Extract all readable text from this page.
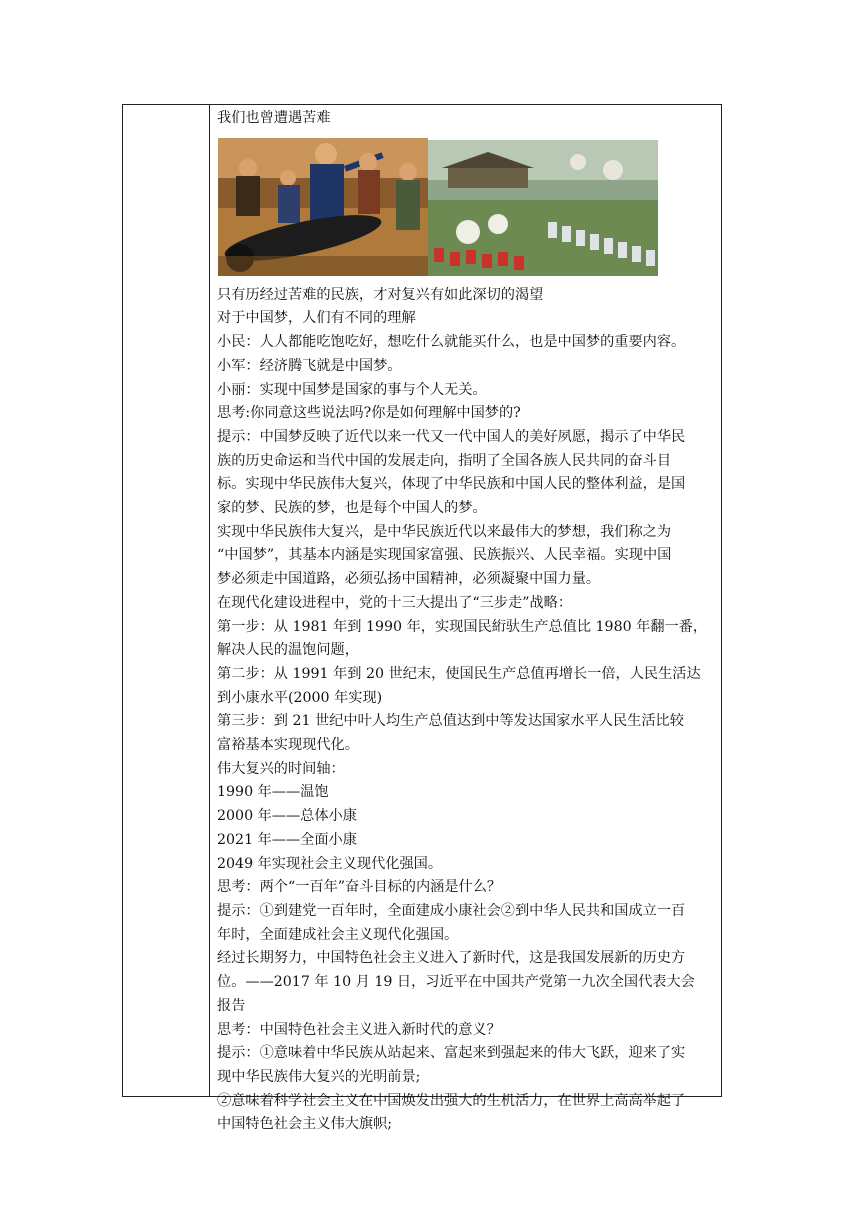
我们也曾遭遇苦难
只有历经过苦难的民族，才对复兴有如此深切的渴望
对于中国梦，人们有不同的理解
小民：人人都能吃饱吃好，想吃什么就能买什么，也是中国梦的重要内容。
小军：经济腾飞就是中国梦。
小丽：实现中国梦是国家的事与个人无关。
思考:你同意这些说法吗?你是如何理解中国梦的?
提示：中国梦反映了近代以来一代又一代中国人的美好夙愿，揭示了中华民
族的历史命运和当代中国的发展走向，指明了全国各族人民共同的奋斗目
标。实现中华民族伟大复兴，体现了中华民族和中国人民的整体利益，是国
家的梦、民族的梦，也是每个中国人的梦。
实现中华民族伟大复兴，是中华民族近代以来最伟大的梦想，我们称之为
“中国梦”，其基本内涵是实现国家富强、民族振兴、人民幸福。实现中国
梦必须走中国道路，必须弘扬中国精神，必须凝聚中国力量。
在现代化建设进程中，党的十三大提出了“三步走”战略：
第一步：从 1981 年到 1990 年，实现国民絎驮生产总值比 1980 年翻一番，
解决人民的温饱问题，
第二步：从 1991 年到 20 世纪末，使国民生产总值再增长一倍，人民生活达
到小康水平(2000 年实现)
第三步：到 21 世纪中叶人均生产总值达到中等发达国家水平人民生活比较
富裕基本实现现代化。
伟大复兴的时间轴：
1990 年——温饱
2000 年——总体小康
2021 年——全面小康
2049 年实现社会主义现代化强国。
思考：两个“一百年”奋斗目标的内涵是什么？
提示：①到建党一百年时，全面建成小康社会②到中华人民共和国成立一百
年时，全面建成社会主义现代化强国。
经过长期努力，中国特色社会主义进入了新时代，这是我国发展新的历史方
位。——2017 年 10 月 19 日，习近平在中国共产党第一九次全国代表大会
报告
思考：中国特色社会主义进入新时代的意义？
提示：①意味着中华民族从站起来、富起来到强起来的伟大飞跃，迎来了实
现中华民族伟大复兴的光明前景;
②意味着科学社会主义在中国焕发出强大的生机活力，在世界上高高举起了
中国特色社会主义伟大旗帜;
